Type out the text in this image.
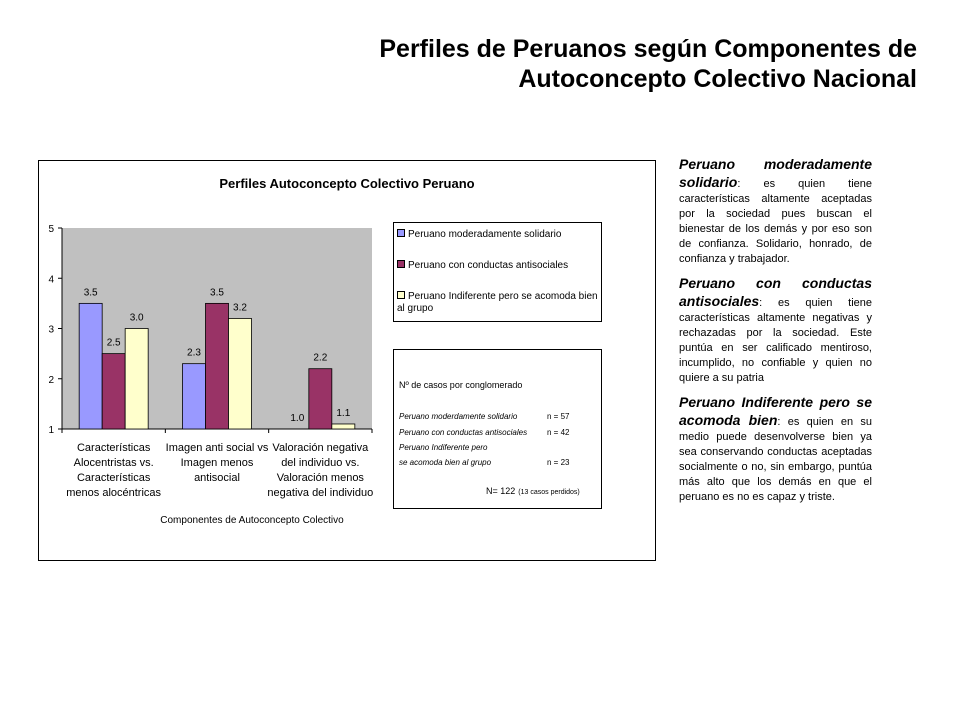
Perfiles de Peruanos según Componentes de
Autoconcepto Colectivo Nacional
Perfiles Autoconcepto Colectivo Peruano
1
2
3
4
5
3.5
2.5
3.0
Características
Alocentristas vs.
Características
menos alocéntricas
2.3
3.5
3.2
Imagen anti social vs
Imagen menos
antisocial
1.0
2.2
1.1
Valoración negativa
del individuo vs.
Valoración menos
negativa del individuo
Componentes de Autoconcepto Colectivo
Peruano moderadamente solidario
Peruano con conductas antisociales
Peruano Indiferente pero se acomoda bien al grupo
Nº de casos por conglomerado
Peruano moderdamente solidario	n = 57
Peruano con conductas antisociales n = 42
Peruano Indiferente pero
se acomoda bien al grupo	n = 23
N= 122 (13 casos perdidos)

Peruano moderadamente solidario: es quien tiene características altamente aceptadas por la sociedad pues buscan el bienestar de los demás y por eso son de confianza. Solidario, honrado, de confianza y trabajador.

Peruano con conductas antisociales: es quien tiene características altamente negativas y rechazadas por la sociedad. Este puntúa en ser calificado mentiroso, incumplido, no confiable y quien no quiere a su patria

Peruano Indiferente pero se acomoda bien: es quien en su medio puede desenvolverse bien ya sea conservando conductas aceptadas socialmente o no, sin embargo, puntúa más alto que los demás en que el peruano es no es capaz y triste.
